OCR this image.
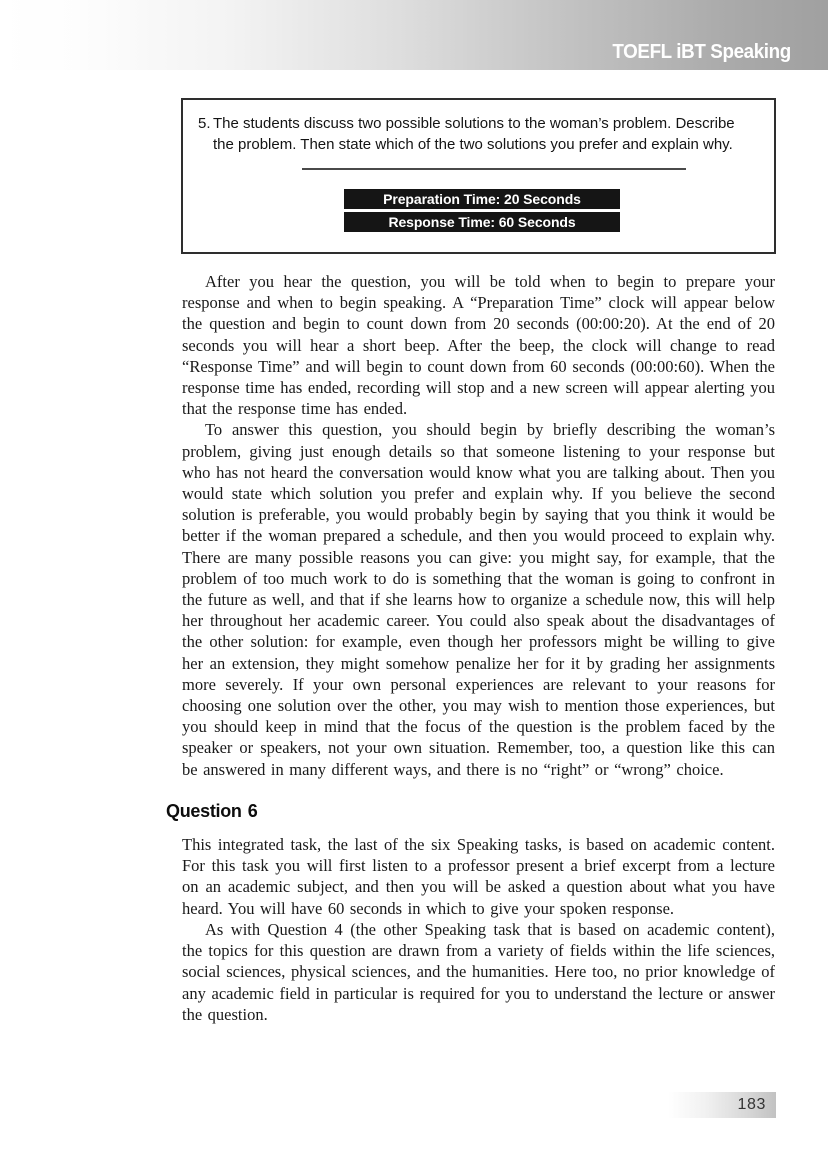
TOEFL iBT Speaking
5. The students discuss two possible solutions to the woman’s problem. Describe the problem. Then state which of the two solutions you prefer and explain why.
Preparation Time: 20 Seconds
Response Time: 60 Seconds

After you hear the question, you will be told when to begin to prepare your response and when to begin speaking. A “Preparation Time” clock will appear below the question and begin to count down from 20 seconds (00:00:20). At the end of 20 seconds you will hear a short beep. After the beep, the clock will change to read “Response Time” and will begin to count down from 60 seconds (00:00:60). When the response time has ended, recording will stop and a new screen will appear alerting you that the response time has ended.

To answer this question, you should begin by briefly describing the woman’s problem, giving just enough details so that someone listening to your response but who has not heard the conversation would know what you are talking about. Then you would state which solution you prefer and explain why. If you believe the second solution is preferable, you would probably begin by saying that you think it would be better if the woman prepared a schedule, and then you would proceed to explain why. There are many possible reasons you can give: you might say, for example, that the problem of too much work to do is something that the woman is going to confront in the future as well, and that if she learns how to organize a schedule now, this will help her throughout her academic career. You could also speak about the disadvantages of the other solution: for example, even though her professors might be willing to give her an extension, they might somehow penalize her for it by grading her assignments more severely. If your own personal experiences are relevant to your reasons for choosing one solution over the other, you may wish to mention those experiences, but you should keep in mind that the focus of the question is the problem faced by the speaker or speakers, not your own situation. Remember, too, a question like this can be answered in many different ways, and there is no “right” or “wrong” choice.

Question 6

This integrated task, the last of the six Speaking tasks, is based on academic content. For this task you will first listen to a professor present a brief excerpt from a lecture on an academic subject, and then you will be asked a question about what you have heard. You will have 60 seconds in which to give your spoken response.

As with Question 4 (the other Speaking task that is based on academic content), the topics for this question are drawn from a variety of fields within the life sciences, social sciences, physical sciences, and the humanities. Here too, no prior knowledge of any academic field in particular is required for you to understand the lecture or answer the question.

183
